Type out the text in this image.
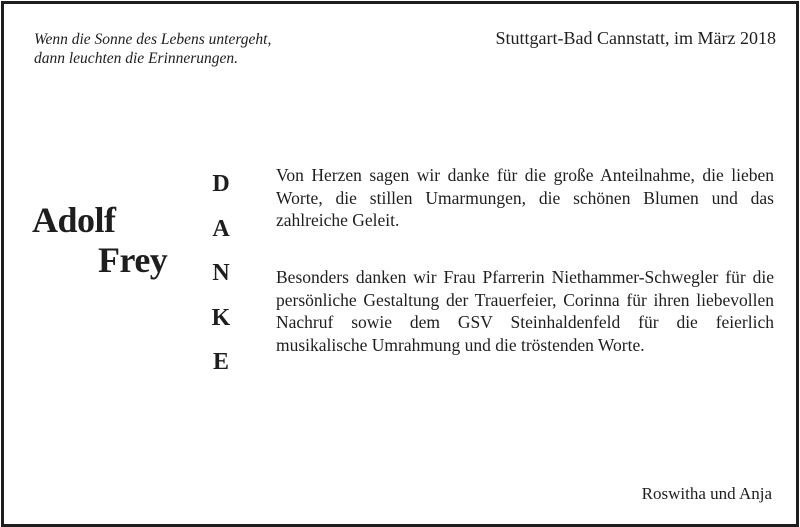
Wenn die Sonne des Lebens untergeht,
dann leuchten die Erinnerungen.
Stuttgart-Bad Cannstatt, im März 2018
Adolf
Frey
D
A
N
K
E
Von Herzen sagen wir danke für die große Anteilnahme, die lieben Worte, die stillen Umarmungen, die schönen Blumen und das zahlreiche Geleit.
Besonders danken wir Frau Pfarrerin Niethammer-Schwegler für die persönliche Gestaltung der Trauerfeier, Corinna für ihren liebevollen Nachruf sowie dem GSV Steinhaldenfeld für die feierlich musikalische Umrahmung und die tröstenden Worte.
Roswitha und Anja
